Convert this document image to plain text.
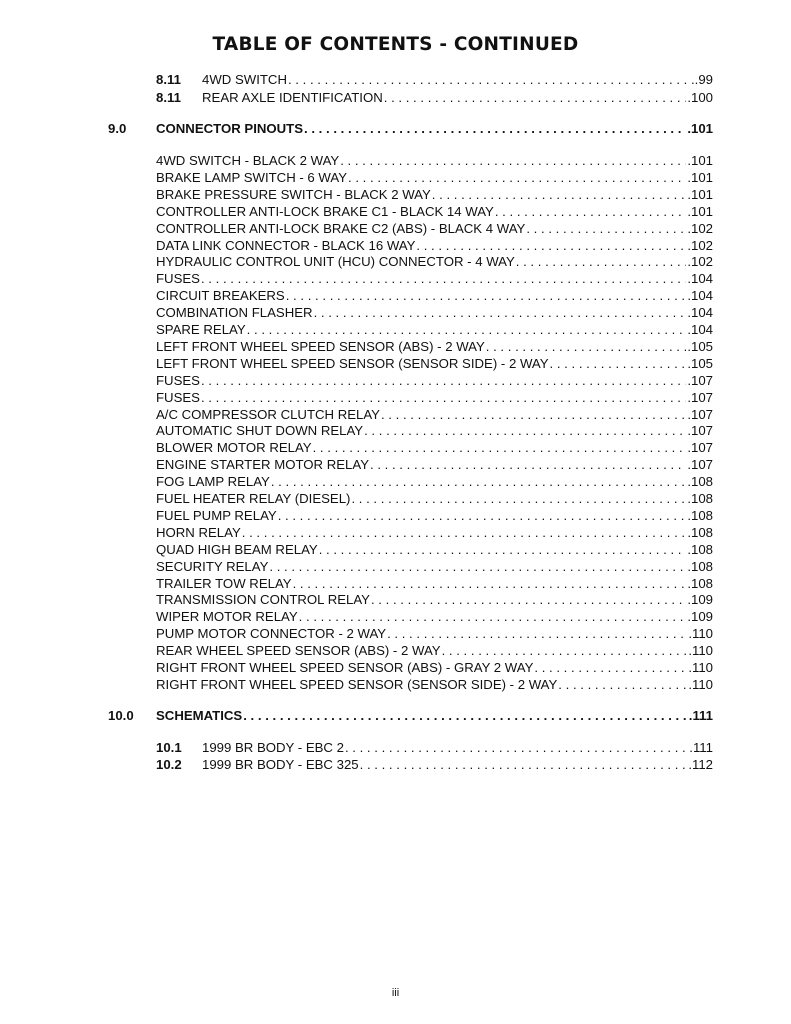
TABLE OF CONTENTS - CONTINUED
8.11	4WD SWITCH . . .	.99
8.11	REAR AXLE IDENTIFICATION . . .	.100
9.0	CONNECTOR PINOUTS . . .	.101
4WD SWITCH - BLACK 2 WAY . . .	.101
BRAKE LAMP SWITCH - 6 WAY . . .	.101
BRAKE PRESSURE SWITCH - BLACK 2 WAY . . .	.101
CONTROLLER ANTI-LOCK BRAKE C1 - BLACK 14 WAY . . .	.101
CONTROLLER ANTI-LOCK BRAKE C2 (ABS) - BLACK 4 WAY . . .	.102
DATA LINK CONNECTOR - BLACK 16 WAY . . .	.102
HYDRAULIC CONTROL UNIT (HCU) CONNECTOR - 4 WAY . . .	.102
FUSES . . .	.104
CIRCUIT BREAKERS . . .	.104
COMBINATION FLASHER . . .	.104
SPARE RELAY . . .	.104
LEFT FRONT WHEEL SPEED SENSOR (ABS) - 2 WAY . . .	.105
LEFT FRONT WHEEL SPEED SENSOR (SENSOR SIDE) - 2 WAY . . .	.105
FUSES . . .	.107
FUSES . . .	.107
A/C COMPRESSOR CLUTCH RELAY . . .	.107
AUTOMATIC SHUT DOWN RELAY . . .	.107
BLOWER MOTOR RELAY . . .	.107
ENGINE STARTER MOTOR RELAY . . .	.107
FOG LAMP RELAY . . .	.108
FUEL HEATER RELAY (DIESEL) . . .	.108
FUEL PUMP RELAY . . .	.108
HORN RELAY . . .	.108
QUAD HIGH BEAM RELAY . . .	.108
SECURITY RELAY . . .	.108
TRAILER TOW RELAY . . .	.108
TRANSMISSION CONTROL RELAY . . .	.109
WIPER MOTOR RELAY . . .	.109
PUMP MOTOR CONNECTOR - 2 WAY . . .	.110
REAR WHEEL SPEED SENSOR (ABS) - 2 WAY . . .	.110
RIGHT FRONT WHEEL SPEED SENSOR (ABS) - GRAY 2 WAY . . .	.110
RIGHT FRONT WHEEL SPEED SENSOR (SENSOR SIDE) - 2 WAY . . .	.110
10.0	SCHEMATICS . . .	.111
10.1	1999 BR BODY - EBC 2 . . .	.111
10.2	1999 BR BODY - EBC 325 . . .	.112
iii
